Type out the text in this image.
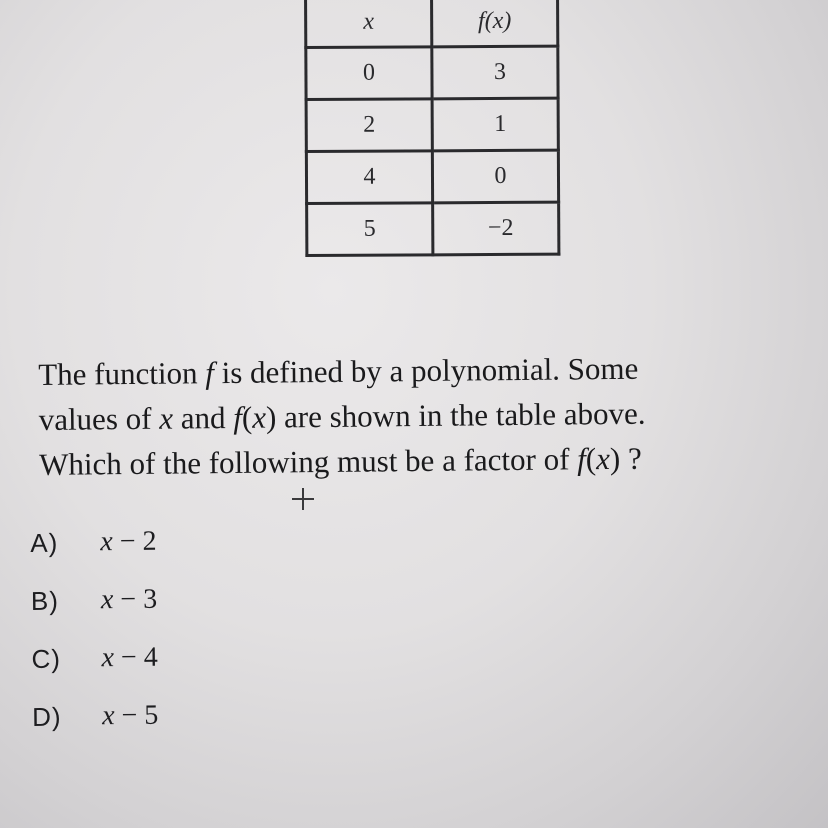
x	f(x)
0	3
2	1
4	0
5	−2
The function f is defined by a polynomial. Some
values of x and f(x) are shown in the table above.
Which of the following must be a factor of f(x) ?
A)	x − 2
B)	x − 3
C)	x − 4
D)	x − 5
